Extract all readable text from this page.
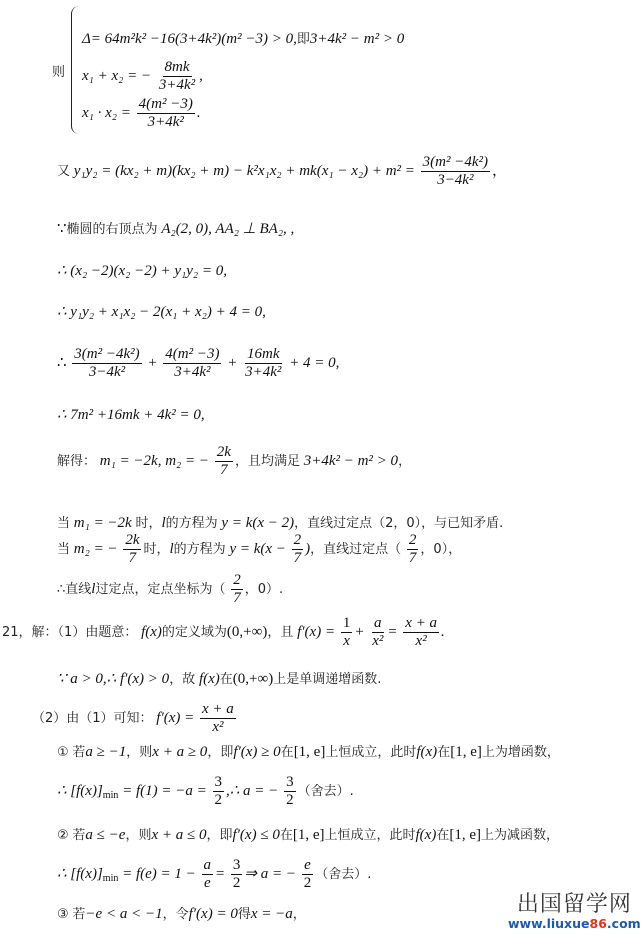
则
Δ= 64m²k² −16(3+4k²)(m² −3) > 0,即3+4k² − m² > 0
x₁ + x₂ = − $\frac{8mk}{\text{3+4k²}}$ ,
$x_1 \cdot x_2 = \frac{\text{4(m² −3)}}{\text{3+4k²}}$ .
又 $y_1y_2 = (kx_2 + m)(kx_2 + m) - k^2x_1x_2 + mk(x_1 - x_2) + m^2 = \frac{\text{3(m² −4k²)}}{\text{3−4k²}}$ ，
∵椭圆的右顶点为 A₂(2, 0), AA₂ ⊥ BA₂, ,
∴ (x₂ −2)(x₂ −2) + y₁y₂ = 0,
∴ y₁y₂ + x₁x₂ − 2(x₁ + x₂) + 4 = 0,
∴ $\frac{\text{3(m² −4k²)}}{\text{3−4k²}} + \frac{\text{4(m² −3)}}{\text{3+4k²}} + \frac{16mk}{\text{3+4k²}} + 4 = 0$,
∴ 7m² +16mk + 4k² = 0,
解得： m₁ = −2k, m₂ = − $\frac{2k}{7}$ ，且均满足 3+4k² − m² > 0，
当 m₁ = −2k 时，l的方程为 y = k(x − 2)，直线过定点（2，0），与已知矛盾.
当 m₂ = − $\frac{2k}{7}$ 时，l的方程为 $y = k(x - \frac{2}{7}$ )，直线过定点（ $\frac{2}{7}$ ，0），
∴直线l过定点，定点坐标为（ $\frac{2}{7}$ ，0）.
21，解：（1）由题意： f(x)的定义域为(0,+∞)，且 $f'(x) = \frac{1}{x} + \frac{a}{\text{x²}} = \frac{x + a}{\text{x²}}$ .
∵ a > 0,∴ f′(x) > 0，故 f(x)在(0,+∞)上是单调递增函数.
（2）由（1）可知： $f'(x) = \frac{x + a}{\text{x²}}$
① 若a ≥ −1，则x + a ≥ 0，即f′(x) ≥ 0在[1, e]上恒成立，此时f(x)在[1, e]上为增函数，
∴ $[f(x)]_{min} = f(1) = -a = \frac{3}{2}$ ,∴ a = − $\frac{3}{2}$ （舍去）.
② 若a ≤ −e，则x + a ≤ 0，即f′(x) ≤ 0在[1, e]上恒成立，此时f(x)在[1, e]上为减函数，
∴ $[f(x)]_{min} = f(e) = 1 - \frac{a}{e} = \frac{3}{2}$ ⇒ a = − $\frac{e}{2}$ （舍去）.
③ 若−e < a < −1，令f′(x) = 0得x = −a，	出国留学网
www.liuxue86.com
